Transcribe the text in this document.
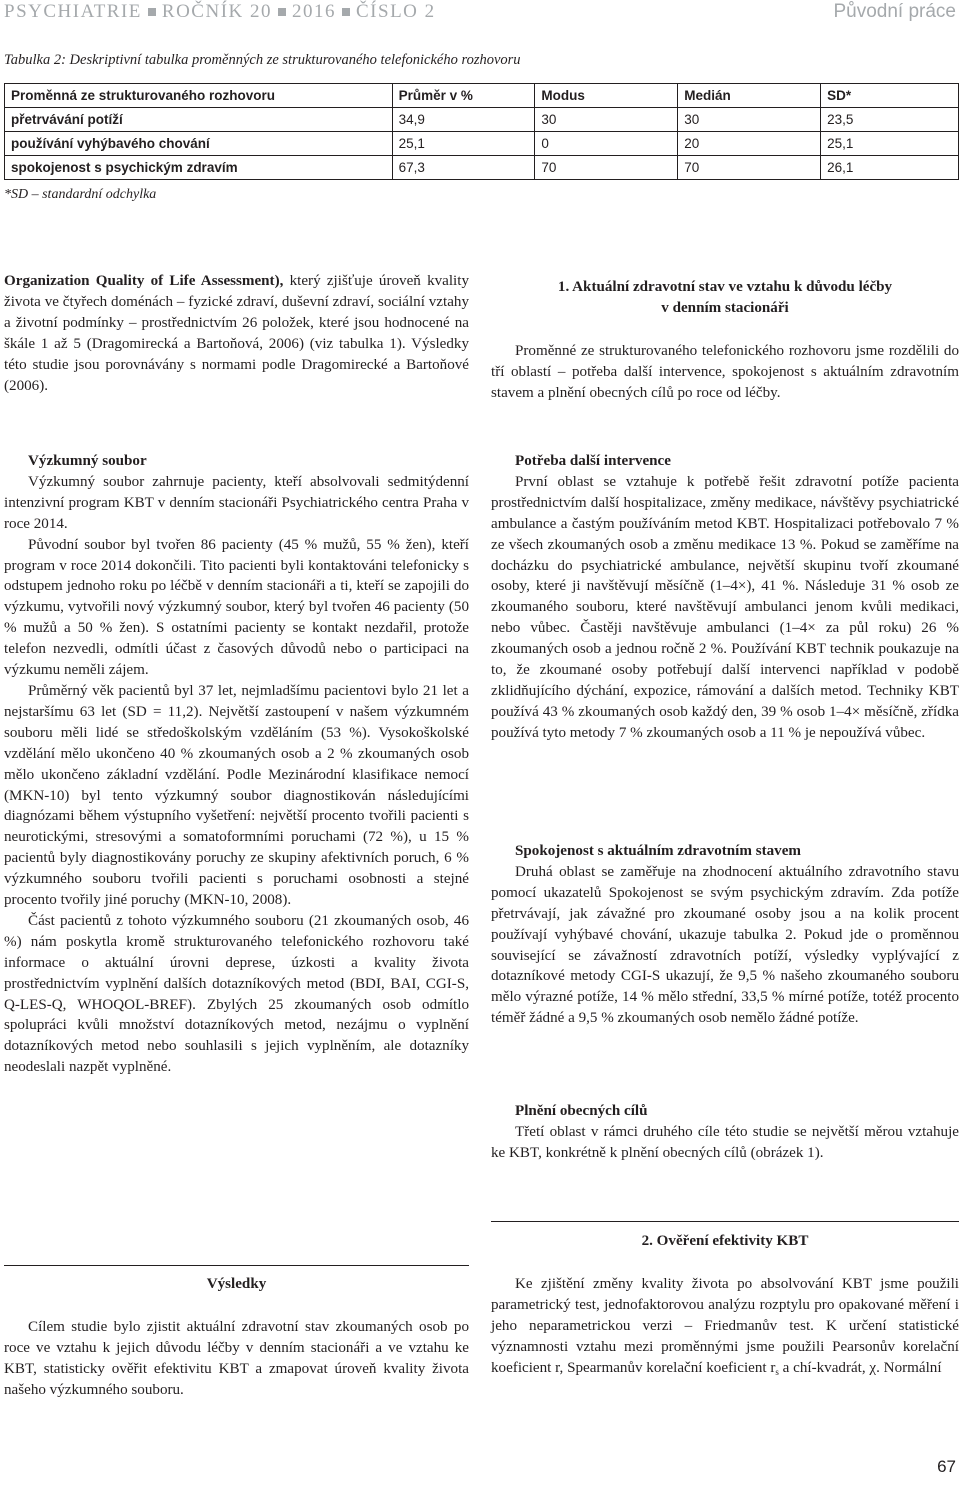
PSYCHIATRIE ROČNÍK 20 2016 ČÍSLO 2	Původní práce
Tabulka 2: Deskriptivní tabulka proměnných ze strukturovaného telefonického rozhovoru
Proměnná ze strukturovaného rozhovoru	Průměr v %	Modus	Medián	SD*
přetrvávání potíží	34,9	30	30	23,5
používání vyhýbavého chování	25,1	0	20	25,1
spokojenost s psychickým zdravím	67,3	70	70	26,1
*SD – standardní odchylka

Organization Quality of Life Assessment), který zjišťuje úroveň kvality života ve čtyřech doménách – fyzické zdraví, duševní zdraví, sociální vztahy a životní podmínky – prostřednictvím 26 položek, které jsou hodnocené na škále 1 až 5 (Dragomirecká a Bartoňová, 2006) (viz tabulka 1). Výsledky této studie jsou porovnávány s normami podle Dragomirecké a Bartoňové (2006).

Výzkumný soubor

Výzkumný soubor zahrnuje pacienty, kteří absolvovali sedmitýdenní intenzivní program KBT v denním stacionáři Psychiatrického centra Praha v roce 2014.

Původní soubor byl tvořen 86 pacienty (45 % mužů, 55 % žen), kteří program v roce 2014 dokončili. Tito pacienti byli kontaktováni telefonicky s odstupem jednoho roku po léčbě v denním stacionáři a ti, kteří se zapojili do výzkumu, vytvořili nový výzkumný soubor, který byl tvořen 46 pacienty (50 % mužů a 50 % žen). S ostatními pacienty se kontakt nezdařil, protože telefon nezvedli, odmítli účast z časových důvodů nebo o participaci na výzkumu neměli zájem.

Průměrný věk pacientů byl 37 let, nejmladšímu pacientovi bylo 21 let a nejstaršímu 63 let (SD = 11,2). Největší zastoupení v našem výzkumném souboru měli lidé se středoškolským vzděláním (53 %). Vysokoškolské vzdělání mělo ukončeno 40 % zkoumaných osob a 2 % zkoumaných osob mělo ukončeno základní vzdělání. Podle Mezinárodní klasifikace nemocí (MKN-10) byl tento výzkumný soubor diagnostikován následujícími diagnózami během výstupního vyšetření: největší procento tvořili pacienti s neurotickými, stresovými a somatoformními poruchami (72 %), u 15 % pacientů byly diagnostikovány poruchy ze skupiny afektivních poruch, 6 % výzkumného souboru tvořili pacienti s poruchami osobnosti a stejné procento tvořily jiné poruchy (MKN-10, 2008).

Část pacientů z tohoto výzkumného souboru (21 zkoumaných osob, 46 %) nám poskytla kromě strukturovaného telefonického rozhovoru také informace o aktuální úrovni deprese, úzkosti a kvality života prostřednictvím vyplnění dalších dotazníkových metod (BDI, BAI, CGI-S, Q-LES-Q, WHOQOL-BREF). Zbylých 25 zkoumaných osob odmítlo spolupráci kvůli množství dotazníkových metod, nezájmu o vyplnění dotazníkových metod nebo souhlasili s jejich vyplněním, ale dotazníky neodeslali nazpět vyplněné.

Výsledky

Cílem studie bylo zjistit aktuální zdravotní stav zkoumaných osob po roce ve vztahu k jejich důvodu léčby v denním stacionáři a ve vztahu ke KBT, statisticky ověřit efektivitu KBT a zmapovat úroveň kvality života našeho výzkumného souboru.

1. Aktuální zdravotní stav ve vztahu k důvodu léčby

v denním stacionáři

Proměnné ze strukturovaného telefonického rozhovoru jsme rozdělili do tří oblastí – potřeba další intervence, spokojenost s aktuálním zdravotním stavem a plnění obecných cílů po roce od léčby.

Potřeba další intervence

První oblast se vztahuje k potřebě řešit zdravotní potíže pacienta prostřednictvím další hospitalizace, změny medikace, návštěvy psychiatrické ambulance a častým používáním metod KBT. Hospitalizaci potřebovalo 7 % ze všech zkoumaných osob a změnu medikace 13 %. Pokud se zaměříme na docházku do psychiatrické ambulance, největší skupinu tvoří zkoumané osoby, které ji navštěvují měsíčně (1–4×), 41 %. Následuje 31 % osob ze zkoumaného souboru, které navštěvují ambulanci jenom kvůli medikaci, nebo vůbec. Častěji navštěvuje ambulanci (1–4× za půl roku) 26 % zkoumaných osob a jednou ročně 2 %. Používání KBT technik poukazuje na to, že zkoumané osoby potřebují další intervenci například v podobě zklidňujícího dýchání, expozice, rámování a dalších metod. Techniky KBT používá 43 % zkoumaných osob každý den, 39 % osob 1–4× měsíčně, zřídka používá tyto metody 7 % zkoumaných osob a 11 % je nepoužívá vůbec.

Spokojenost s aktuálním zdravotním stavem

Druhá oblast se zaměřuje na zhodnocení aktuálního zdravotního stavu pomocí ukazatelů Spokojenost se svým psychickým zdravím. Zda potíže přetrvávají, jak závažné pro zkoumané osoby jsou a na kolik procent používají vyhýbavé chování, ukazuje tabulka 2. Pokud jde o proměnnou související se závažností zdravotních potíží, výsledky vyplývající z dotazníkové metody CGI-S ukazují, že 9,5 % našeho zkoumaného souboru mělo výrazné potíže, 14 % mělo střední, 33,5 % mírné potíže, totéž procento téměř žádné a 9,5 % zkoumaných osob nemělo žádné potíže.

Plnění obecných cílů

Třetí oblast v rámci druhého cíle této studie se největší měrou vztahuje ke KBT, konkrétně k plnění obecných cílů (obrázek 1).

2. Ověření efektivity KBT

Ke zjištění změny kvality života po absolvování KBT jsme použili parametrický test, jednofaktorovou analýzu rozptylu pro opakované měření i jeho neparametrickou verzi – Friedmanův test. K určení statistické významnosti vztahu mezi proměnnými jsme použili Pearsonův korelační koeficient r, Spearmanův korelační koeficient $r_s$ a chí-kvadrát, χ. Normální

67
